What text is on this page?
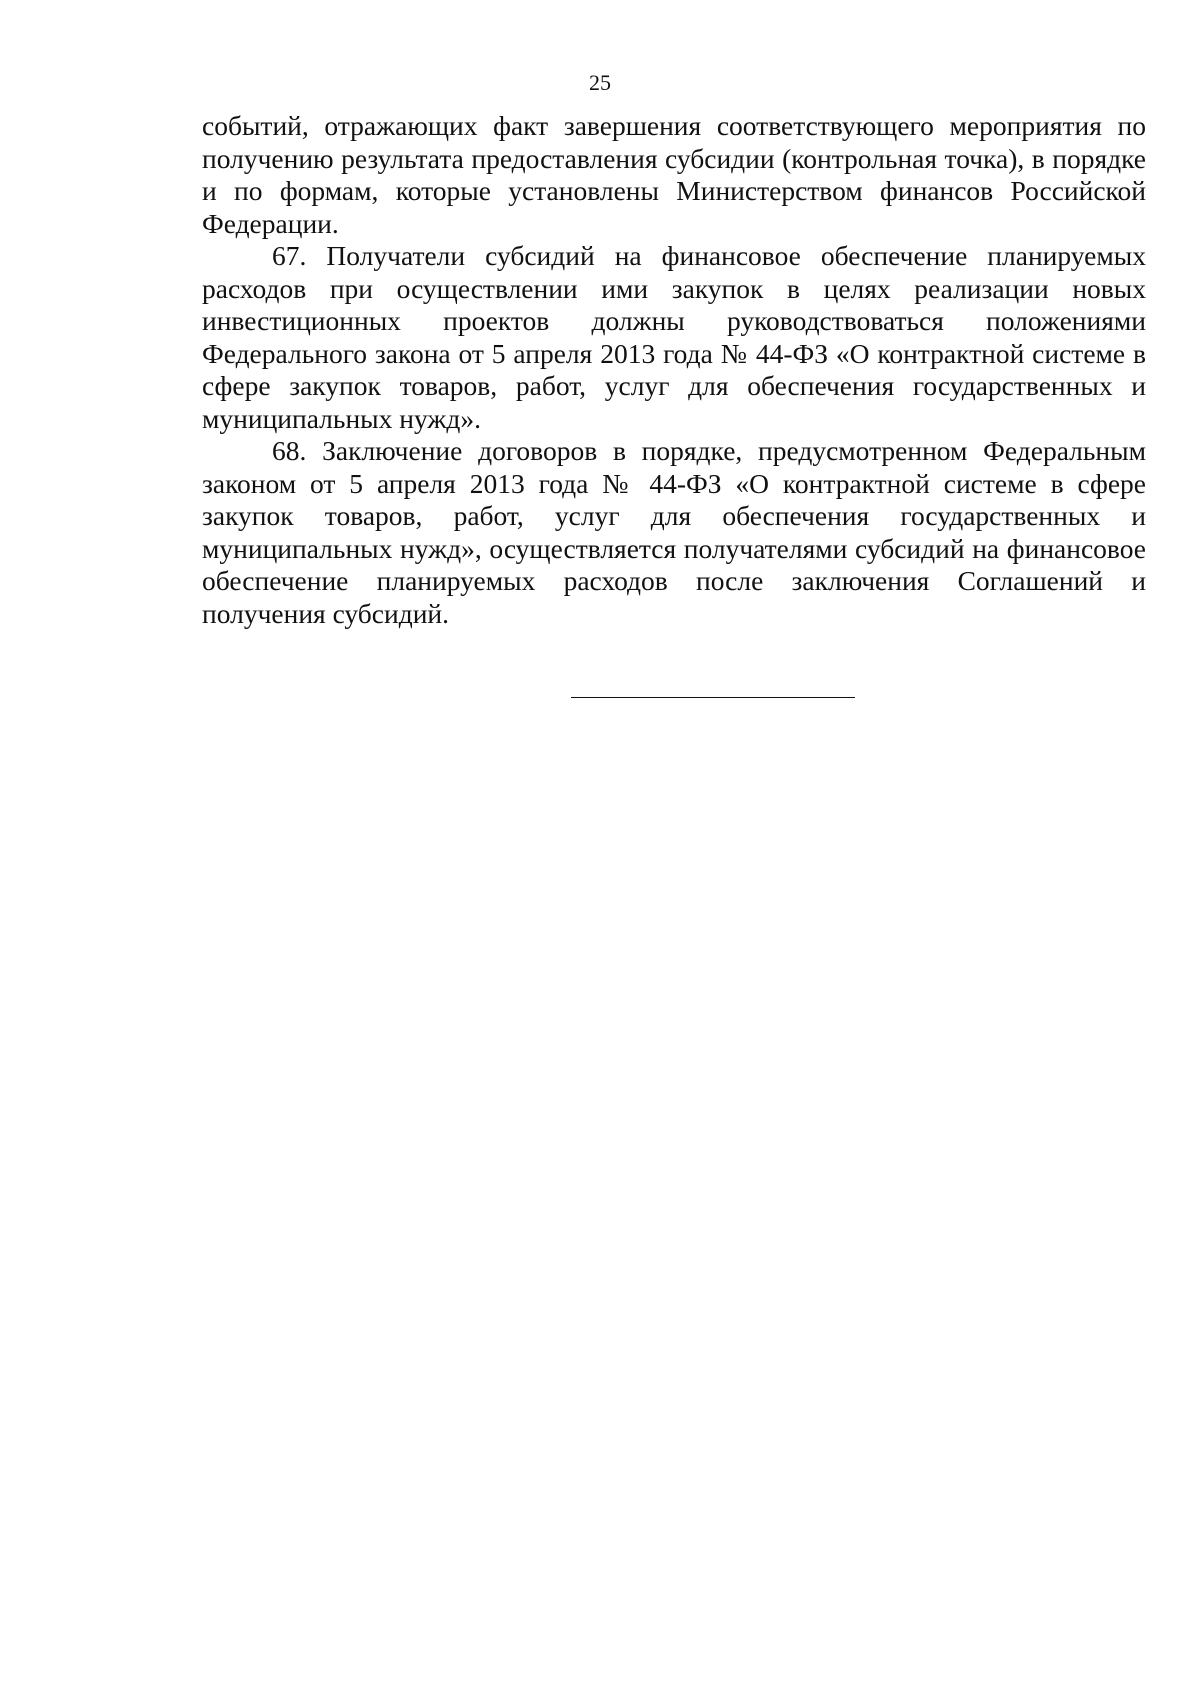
25

событий, отражающих факт завершения соответствующего мероприятия по получению результата предоставления субсидии (контрольная точка), в порядке и по формам, которые установлены Министерством финансов Российской Федерации.

67. Получатели субсидий на финансовое обеспечение планируемых расходов при осуществлении ими закупок в целях реализации новых инвестиционных проектов должны руководствоваться положениями Федерального закона от 5 апреля 2013 года № 44-ФЗ «О контрактной системе в сфере закупок товаров, работ, услуг для обеспечения государственных и муниципальных нужд».

68. Заключение договоров в порядке, предусмотренном Федеральным законом от 5 апреля 2013 года № 44-ФЗ «О контрактной системе в сфере закупок товаров, работ, услуг для обеспечения государственных и муниципальных нужд», осуществляется получателями субсидий на финансовое обеспечение планируемых расходов после заключения Соглашений и получения субсидий.
